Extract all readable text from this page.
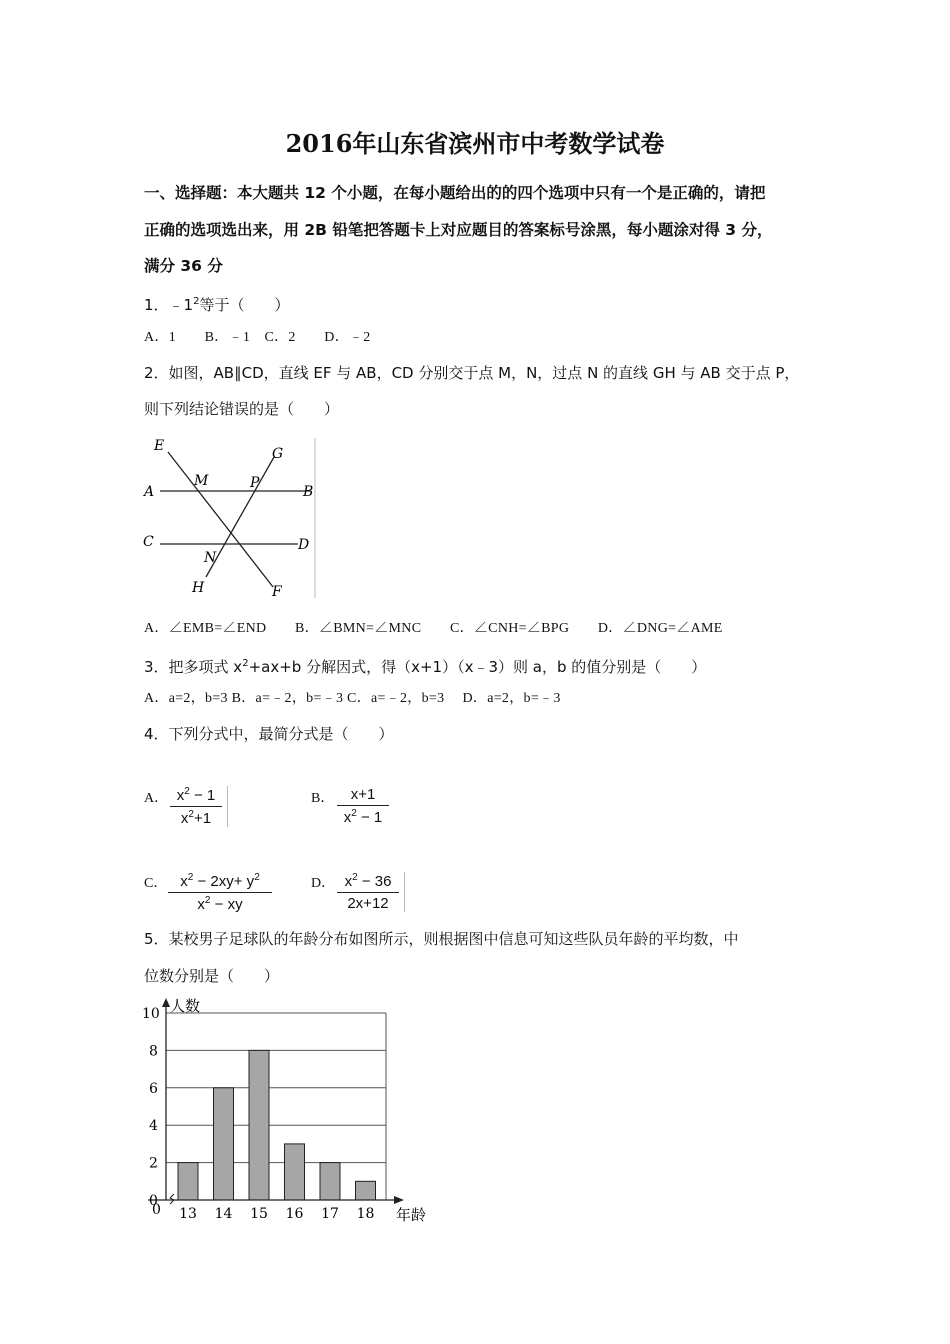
2016年山东省滨州市中考数学试卷
一、选择题：本大题共 12 个小题，在每小题给出的的四个选项中只有一个是正确的，请把
正确的选项选出来，用 2B 铅笔把答题卡上对应题目的答案标号涂黑，每小题涂对得 3 分，
满分 36 分
1．$﹣1^2$等于（　　）
A．1　　B．﹣1　C．2　　D．﹣2
2．如图，AB∥CD，直线 EF 与 AB，CD 分别交于点 M，N，过点 N 的直线 GH 与 AB 交于点 P，
则下列结论错误的是（　　）
E	G
M	P
A	B
C	D
N
H	F
A．∠EMB=∠END　　B．∠BMN=∠MNC　　C．∠CNH=∠BPG　　D．∠DNG=∠AME
3．把多项式 $x^2+ax+b$ 分解因式，得（x+1）（x﹣3）则 a，b 的值分别是（　　）
A．a=2，b=3 B．a=﹣2，b=﹣3 C．a=﹣2，b=3　 D．a=2，b=﹣3
4．下列分式中，最简分式是（　　）
A． $x^2 - 1$
$x^2+1$
B．	x+1
$x^2 - 1$
C． $x^2 - 2xy+ y^2$
$x^2$ − xy
D． $x^2 - 36$
2x+12
5．某校男子足球队的年龄分布如图所示，则根据图中信息可知这些队员年龄的平均数，中
位数分别是（　　）
0
2
4
6
8
10
13 14 15 16 17 18
0
人数
年龄
